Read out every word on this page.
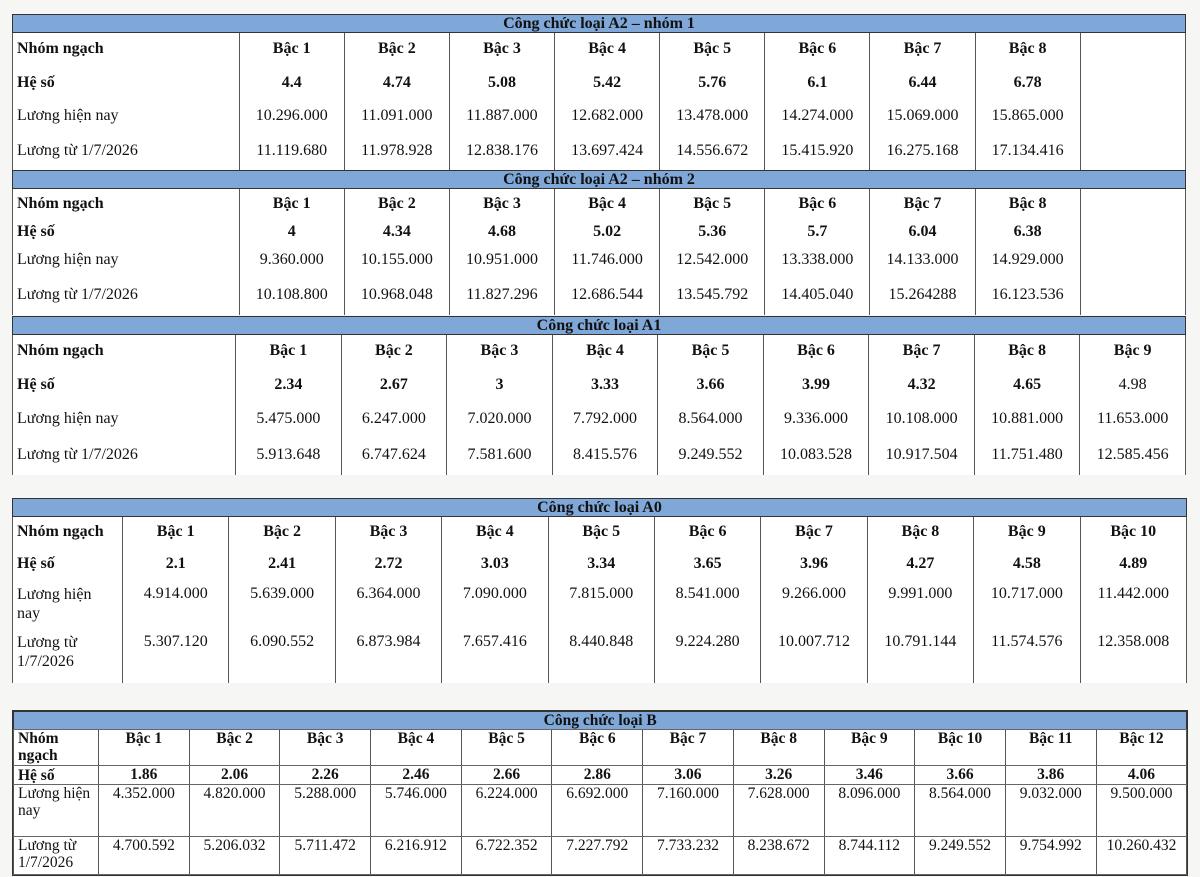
Công chức loại A2 – nhóm 1									
Nhóm ngạch	Bậc 1	Bậc 2	Bậc 3	Bậc 4	Bậc 5	Bậc 6	Bậc 7	Bậc 8	
Hệ số	4.4	4.74	5.08	5.42	5.76	6.1	6.44	6.78	
Lương hiện nay	10.296.000	11.091.000	11.887.000	12.682.000	13.478.000	14.274.000	15.069.000	15.865.000	
Lương từ 1/7/2026	11.119.680	11.978.928	12.838.176	13.697.424	14.556.672	15.415.920	16.275.168	17.134.416	
Công chức loại A2 – nhóm 2									
Nhóm ngạch	Bậc 1	Bậc 2	Bậc 3	Bậc 4	Bậc 5	Bậc 6	Bậc 7	Bậc 8	
Hệ số	4	4.34	4.68	5.02	5.36	5.7	6.04	6.38	
Lương hiện nay	9.360.000	10.155.000	10.951.000	11.746.000	12.542.000	13.338.000	14.133.000	14.929.000	
Lương từ 1/7/2026	10.108.800	10.968.048	11.827.296	12.686.544	13.545.792	14.405.040	15.264288	16.123.536	
Công chức loại A1									
Nhóm ngạch	Bậc 1	Bậc 2	Bậc 3	Bậc 4	Bậc 5	Bậc 6	Bậc 7	Bậc 8	Bậc 9
Hệ số	2.34	2.67	3	3.33	3.66	3.99	4.32	4.65	4.98
Lương hiện nay	5.475.000	6.247.000	7.020.000	7.792.000	8.564.000	9.336.000	10.108.000	10.881.000	11.653.000
Lương từ 1/7/2026	5.913.648	6.747.624	7.581.600	8.415.576	9.249.552	10.083.528	10.917.504	11.751.480	12.585.456
Công chức loại A0										
Nhóm ngạch	Bậc 1	Bậc 2	Bậc 3	Bậc 4	Bậc 5	Bậc 6	Bậc 7	Bậc 8	Bậc 9	Bậc 10
Hệ số	2.1	2.41	2.72	3.03	3.34	3.65	3.96	4.27	4.58	4.89
Lương hiện nay	4.914.000	5.639.000	6.364.000	7.090.000	7.815.000	8.541.000	9.266.000	9.991.000	10.717.000	11.442.000
Lương từ 1/7/2026	5.307.120	6.090.552	6.873.984	7.657.416	8.440.848	9.224.280	10.007.712	10.791.144	11.574.576	12.358.008
Công chức loại B												
Nhóm ngạch	Bậc 1	Bậc 2	Bậc 3	Bậc 4	Bậc 5	Bậc 6	Bậc 7	Bậc 8	Bậc 9	Bậc 10	Bậc 11	Bậc 12
Hệ số	1.86	2.06	2.26	2.46	2.66	2.86	3.06	3.26	3.46	3.66	3.86	4.06
Lương hiện nay	4.352.000	4.820.000	5.288.000	5.746.000	6.224.000	6.692.000	7.160.000	7.628.000	8.096.000	8.564.000	9.032.000	9.500.000
Lương từ 1/7/2026	4.700.592	5.206.032	5.711.472	6.216.912	6.722.352	7.227.792	7.733.232	8.238.672	8.744.112	9.249.552	9.754.992	10.260.432
